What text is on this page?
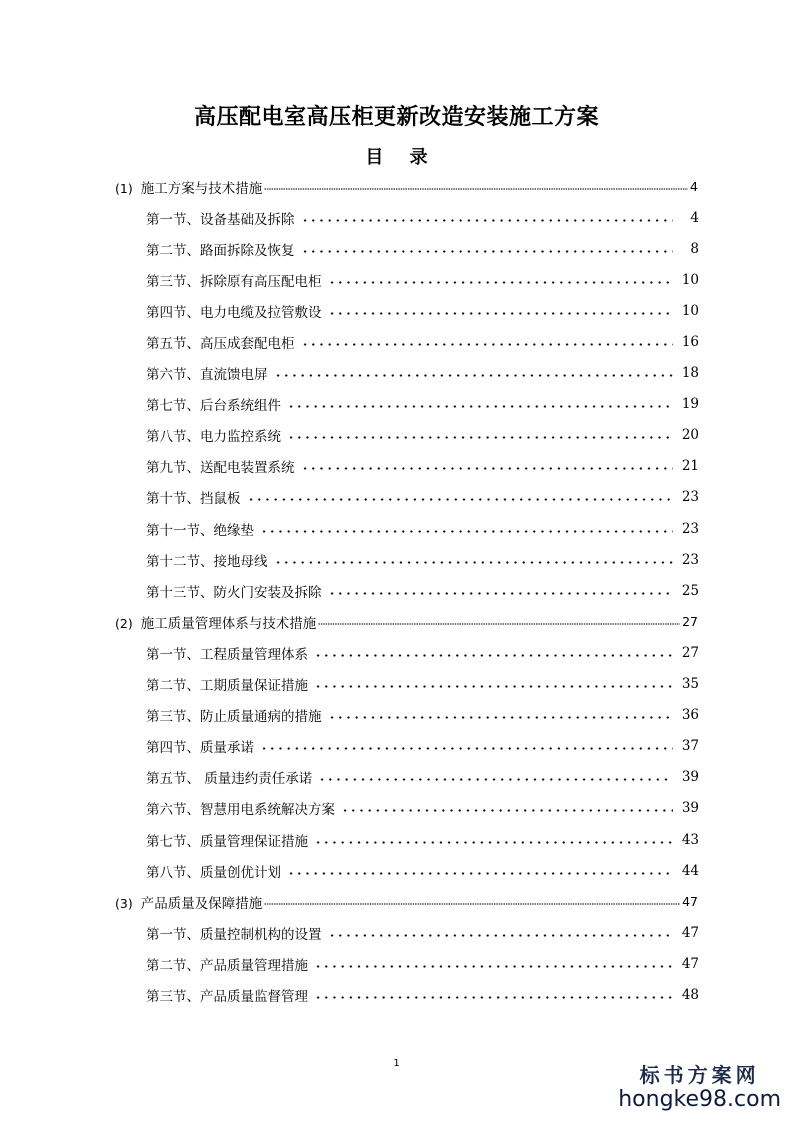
高压配电室高压柜更新改造安装施工方案
目 录
(1) 施工方案与技术措施	4
第一节、设备基础及拆除	4
第二节、路面拆除及恢复	8
第三节、拆除原有高压配电柜	10
第四节、电力电缆及拉管敷设	10
第五节、高压成套配电柜	16
第六节、直流馈电屏	18
第七节、后台系统组件	19
第八节、电力监控系统	20
第九节、送配电装置系统	21
第十节、挡鼠板	23
第十一节、绝缘垫	23
第十二节、接地母线	23
第十三节、防火门安装及拆除	25
(2) 施工质量管理体系与技术措施	27
第一节、工程质量管理体系	27
第二节、工期质量保证措施	35
第三节、防止质量通病的措施	36
第四节、质量承诺	37
第五节、 质量违约责任承诺	39
第六节、智慧用电系统解决方案	39
第七节、质量管理保证措施	43
第八节、质量创优计划	44
(3) 产品质量及保障措施	47
第一节、质量控制机构的设置	47
第二节、产品质量管理措施	47
第三节、产品质量监督管理	48
1	标书方案网
hongke98.com
